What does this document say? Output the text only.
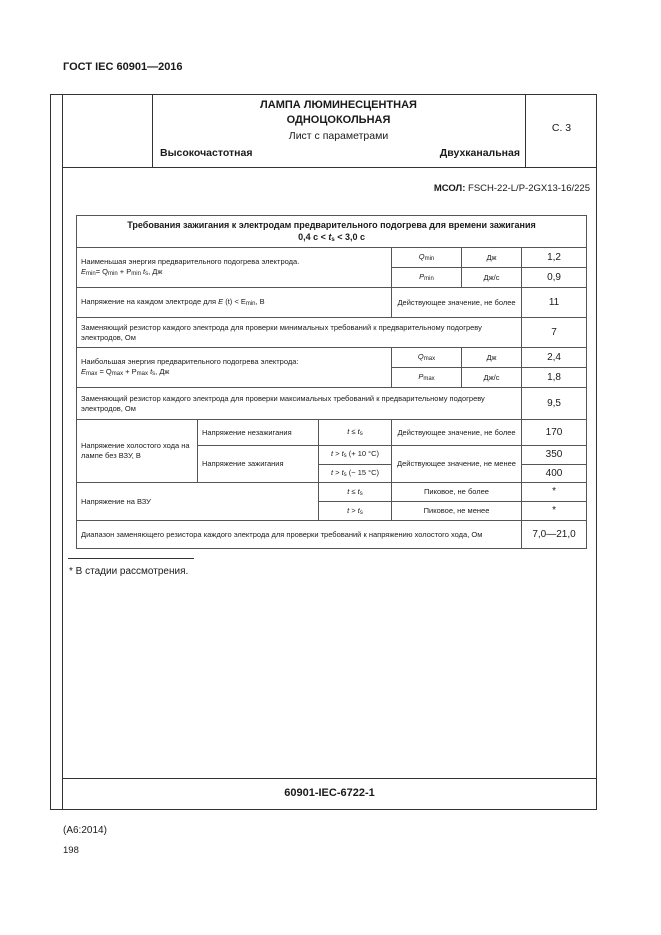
ГОСТ IEC 60901—2016
ЛАМПА ЛЮМИНЕСЦЕНТНАЯ
ОДНОЦОКОЛЬНАЯ
Лист с параметрами
Высокочастотная	Двухканальная
С. 3
МСОЛ: FSCH-22-L/P-2GX13-16/225
Требования зажигания к электродам предварительного подогрева для времени зажигания
0,4 $с < t_s < 3,0$ с					

Наименьшая энергия предварительного подогрева электрода.
$E_{min}= Q_{min} + P_{min}$ $t_s$, Дж			$Q_{min}$	Дж	1,2
			$P_{min}$	Дж/с	0,9
Напряжение на каждом электроде для E $(t) < E_{min}$, В			Действующее значение, не более		11
Заменяющий резистор каждого электрода для проверки минимальных требований к предварительному подогреву электродов, Ом					7

Наибольшая энергия предварительного подогрева электрода:
$E_{max} = Q_{max} + P_{max}$ $t_s$, Дж			$Q_{max}$	Дж	2,4
			$P_{max}$	Дж/с	1,8
Заменяющий резистор каждого электрода для проверки максимальных требований к предварительному подогреву электродов, Ом					9,5
Напряжение холостого хода на лампе без ВЗУ, В	Напряжение незажигания	$t \le t_s$	Действующее значение, не более		170
	Напряжение зажигания	$t > t_s$ (+ 10 °С)	Действующее значение, не менее		350
		$t > t_s$ (− 15 °С)			400
Напряжение на ВЗУ		$t \le t_s$	Пиковое, не более		*
		$t > t_s$	Пиковое, не менее		*
Диапазон заменяющего резистора каждого электрода для проверки требований к напряжению холостого хода, Ом					7,0—21,0
* В стадии рассмотрения.
60901-IEC-6722-1
(А6:2014)
198
